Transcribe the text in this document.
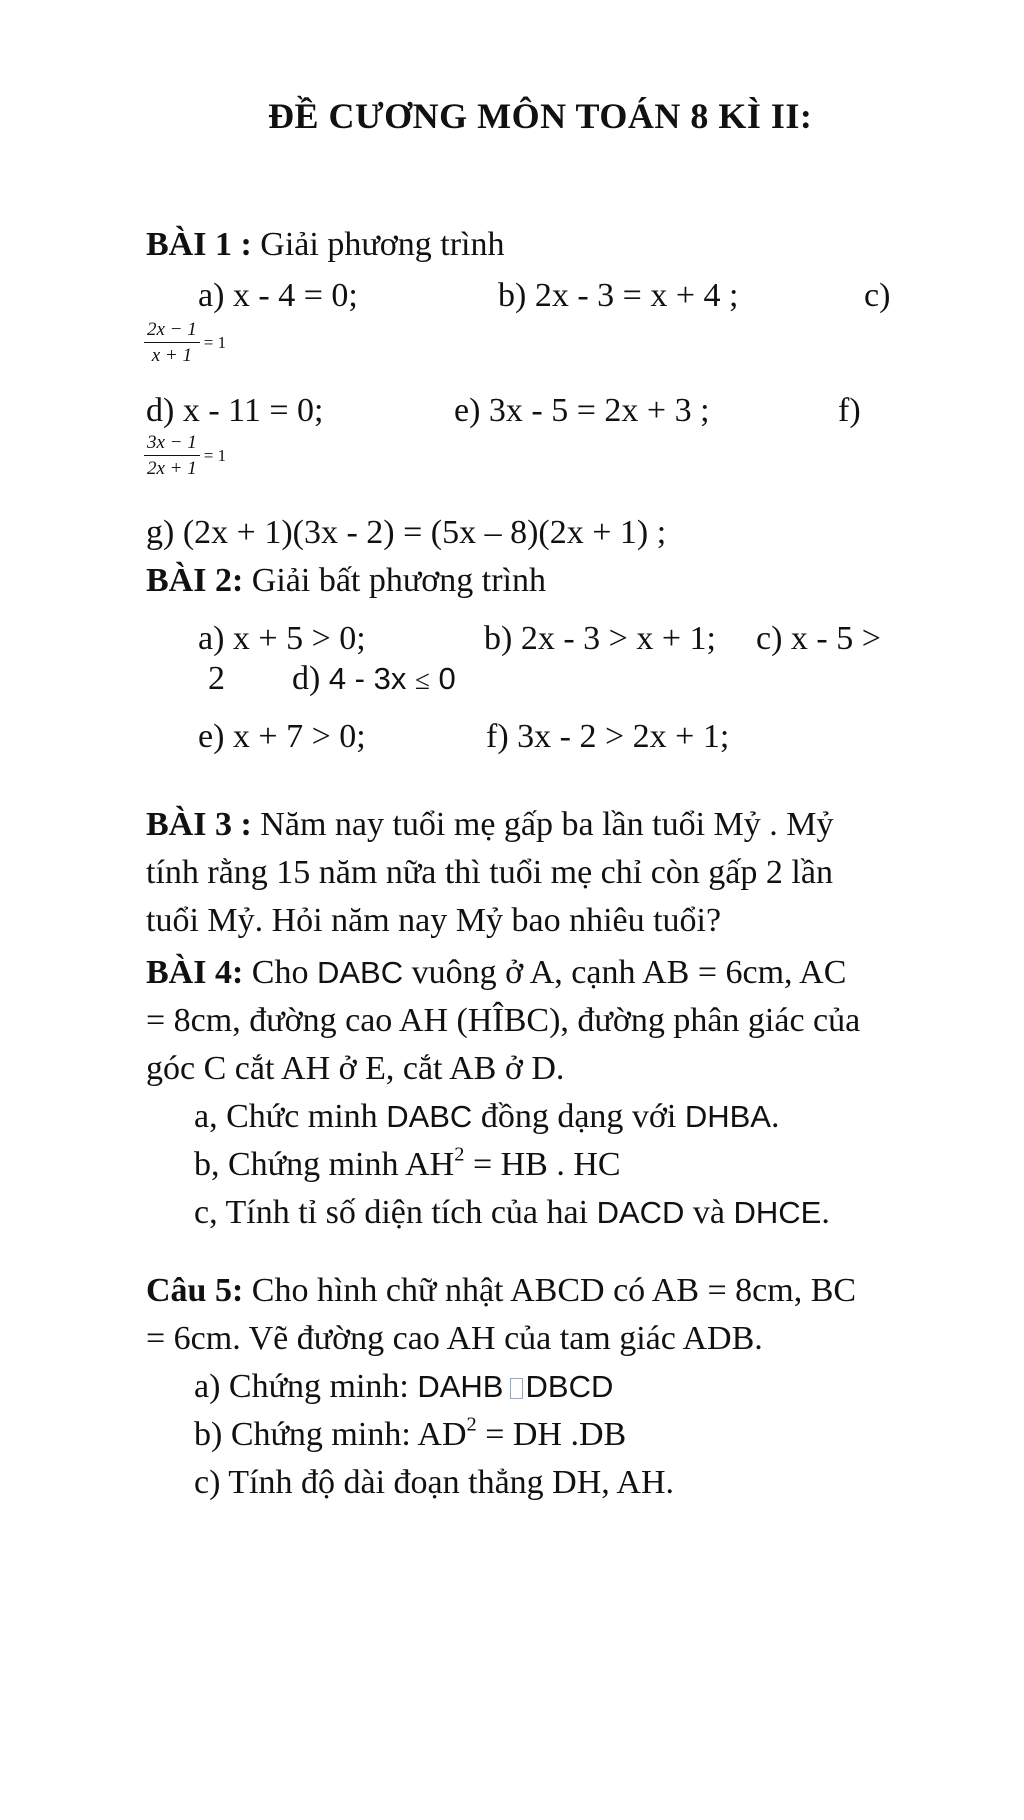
ĐỀ CƯƠNG MÔN TOÁN 8 KÌ II:
BÀI 1 : Giải phương trình
a) x - 4 = 0;	b) 2x - 3 = x + 4 ;	c)
$\frac{2x - 1}{x + 1} = 1$
d) x - 11 = 0;	e) 3x - 5 = 2x + 3 ;	f)
$\frac{3x - 1}{2x + 1} = 1$
g) (2x + 1)(3x - 2) = (5x – 8)(2x + 1) ;
BÀI 2: Giải bất phương trình
a) x + 5 > 0;	b) 2x - 3 > x + 1; c) x - 5 >
2 d) 4 - 3x ≤ 0
e) x + 7 > 0;	f) 3x - 2 > 2x + 1;
BÀI 3 : Năm nay tuổi mẹ gấp ba lần tuổi Mỷ . Mỷ
tính rằng 15 năm nữa thì tuổi mẹ chỉ còn gấp 2 lần
tuổi Mỷ. Hỏi năm nay Mỷ bao nhiêu tuổi?
BÀI 4: Cho DABC vuông ở A, cạnh AB = 6cm, AC
= 8cm, đường cao AH (HÎBC), đường phân giác của
góc C cắt AH ở E, cắt AB ở D.
a, Chức minh DABC đồng dạng với DHBA.
b, Chứng minh $AH^2$ = HB . HC
c, Tính tỉ số diện tích của hai DACD và DHCE.
Câu 5: Cho hình chữ nhật ABCD có AB = 8cm, BC
= 6cm. Vẽ đường cao AH của tam giác ADB.
a) Chứng minh: DAHB DBCD
b) Chứng minh: $AD^2$ = DH .DB
c) Tính độ dài đoạn thẳng DH, AH.
